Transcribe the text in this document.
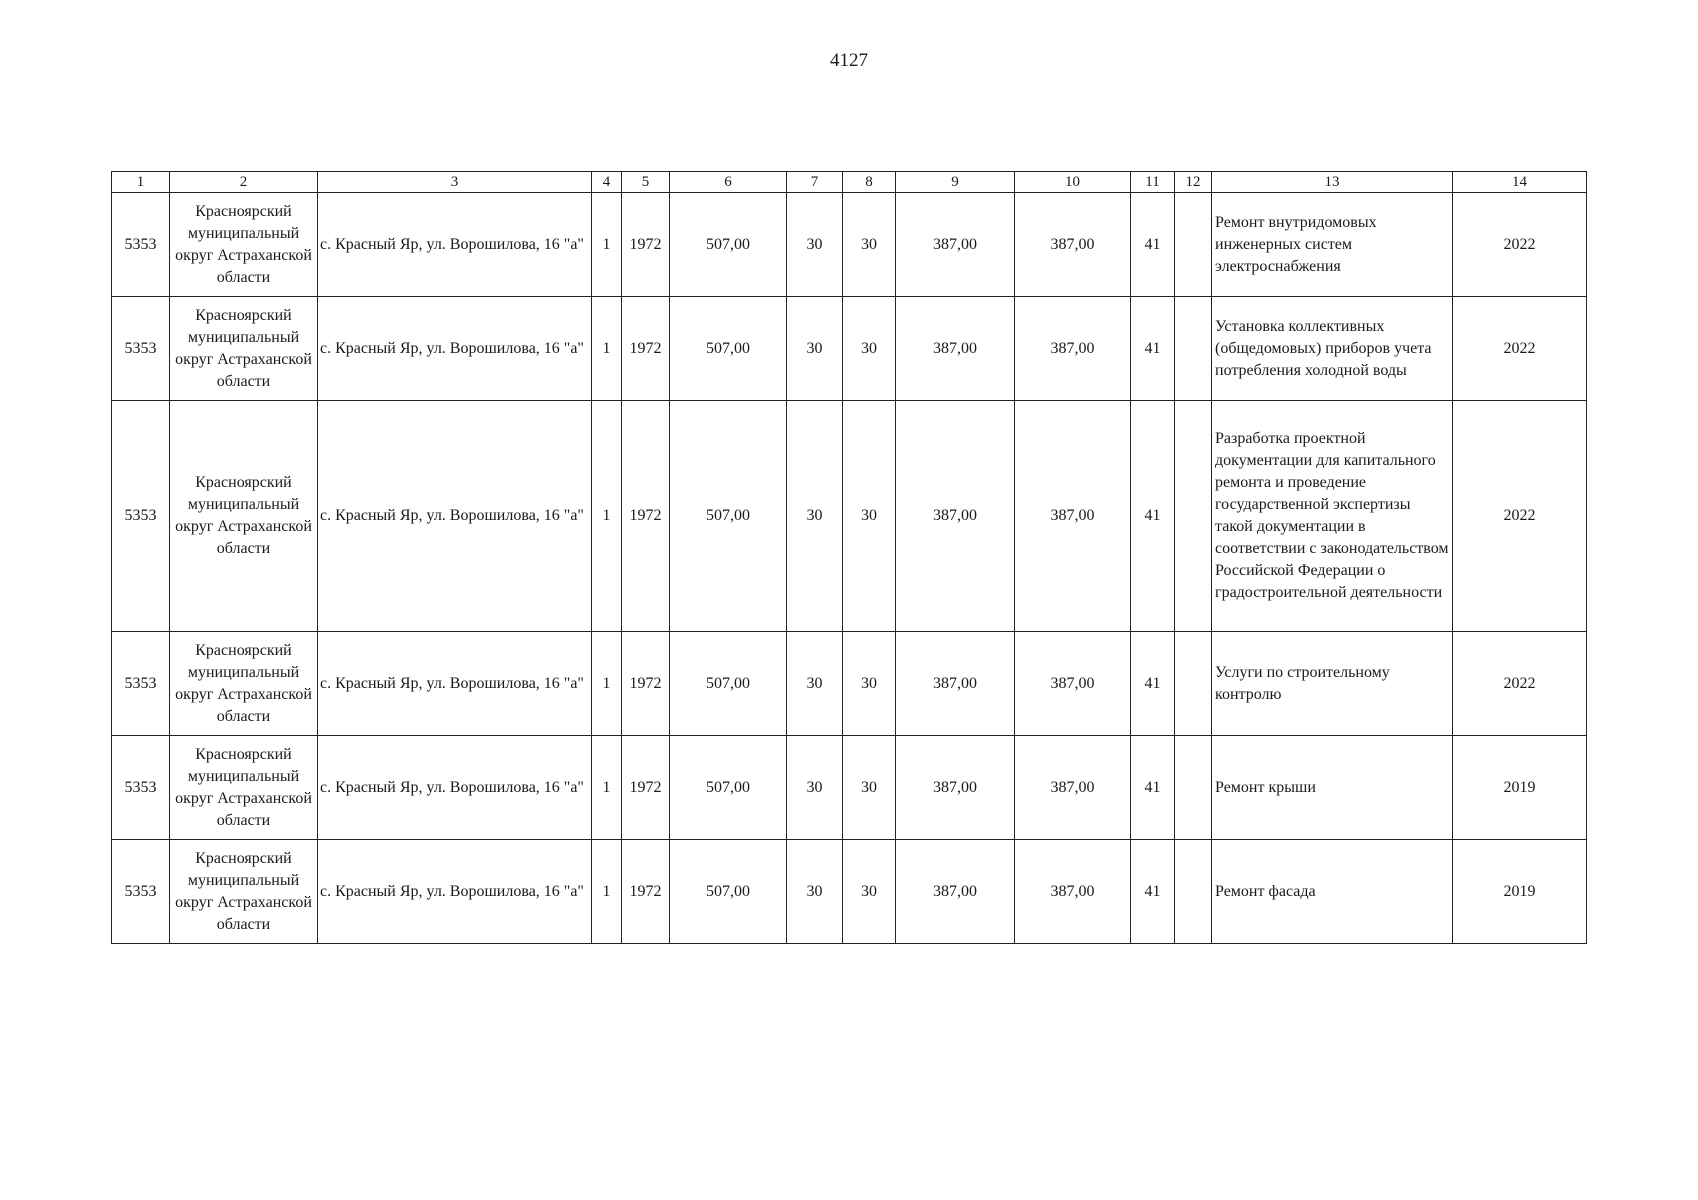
4127
1	2	3	4	5	6	7	8	9	10	11	12	13	14
5353	Красноярский муниципальный округ Астраханской области	с. Красный Яр, ул. Ворошилова, 16 "а"	1	1972	507,00	30	30	387,00	387,00	41		Ремонт внутридомовых инженерных систем электроснабжения	2022
5353	Красноярский муниципальный округ Астраханской области	с. Красный Яр, ул. Ворошилова, 16 "а"	1	1972	507,00	30	30	387,00	387,00	41		Установка коллективных (общедомовых) приборов учета потребления холодной воды	2022
5353	Красноярский муниципальный округ Астраханской области	с. Красный Яр, ул. Ворошилова, 16 "а"	1	1972	507,00	30	30	387,00	387,00	41		Разработка проектной документации для капитального ремонта и проведение государственной экспертизы такой документации в соответствии с законодательством Российской Федерации о градостроительной деятельности	2022
5353	Красноярский муниципальный округ Астраханской области	с. Красный Яр, ул. Ворошилова, 16 "а"	1	1972	507,00	30	30	387,00	387,00	41		Услуги по строительному контролю	2022
5353	Красноярский муниципальный округ Астраханской области	с. Красный Яр, ул. Ворошилова, 16 "а"	1	1972	507,00	30	30	387,00	387,00	41		Ремонт крыши	2019
5353	Красноярский муниципальный округ Астраханской области	с. Красный Яр, ул. Ворошилова, 16 "а"	1	1972	507,00	30	30	387,00	387,00	41		Ремонт фасада	2019
